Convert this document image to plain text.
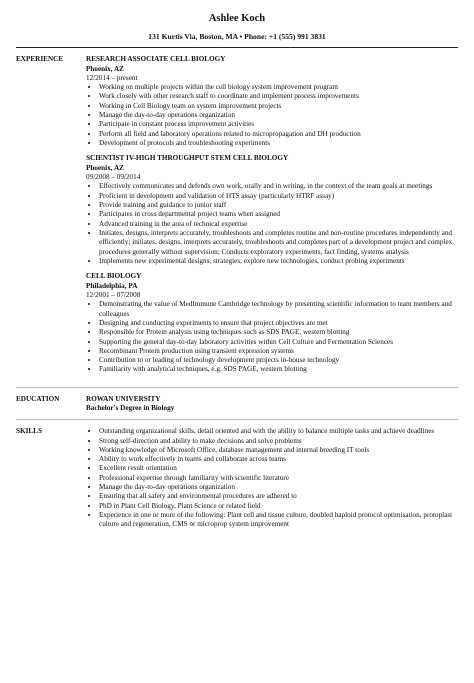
Ashlee Koch
131 Kurtis Via, Boston, MA • Phone: +1 (555) 991 3831
EXPERIENCE	RESEARCH ASSOCIATE CELL BIOLOGY
Phoenix, AZ
12/2014 – present
• Working on multiple projects within the cell biology system improvement program
• Work closely with other research staff to coordinate and implement process improvements
• Working in Cell Biology team on system improvement projects
• Manage the day-to-day operations organization
• Participate in constant process improvement activities
• Perform all field and laboratory operations related to micropropagation and DH production
• Development of protocols and troubleshooting experiments
SCIENTIST IV-HIGH THROUGHPUT STEM CELL BIOLOGY
Phoenix, AZ
09/2008 – 09/2014
• Effectively communicates and defends own work, orally and in writing, in the context of the team goals at meetings
• Proficient in development and validation of HTS assay (particularly HTRF assay)
• Provide training and guidance to junior staff
• Participates in cross departmental project teams when assigned
• Advanced training in the area of technical expertise
• Initiates, designs, interprets accurately, troubleshoots and completes routine and non-routine procedures independently and efficiently; initiates, designs, interprets accurately, troubleshoots and completes part of a development project and complex procedures generally without supervision; Conducts exploratory experiments, fact finding, systems analysis
• Implements new experimental designs, strategies, explore new technologies, conduct probing experiments
CELL BIOLOGY
Philadelphia, PA
12/2001 – 07/2008
• Demonstrating the value of MedImmune Cambridge technology by presenting scientific information to team members and colleagues
• Designing and conducting experiments to ensure that project objectives are met
• Responsible for Protein analysis using techniques such as SDS PAGE, western blotting
• Supporting the general day-to-day laboratory activities within Cell Culture and Fermentation Sciences
• Recombinant Protein production using transient expression systems
• Contribution to or leading of technology development projects in-house technology
• Familiarity with analytical techniques, e.g. SDS PAGE, western blotting
EDUCATION	ROWAN UNIVERSITY
Bachelor's Degree in Biology
SKILLS
•	Outstanding organizational skills, detail oriented and with the ability to balance multiple tasks and achieve deadlines
• Strong self-direction and ability to make decisions and solve problems
• Working knowledge of Microsoft Office, database management and internal breeding IT tools
• Ability to work effectively in teams and collaborate across teams
• Excellent result orientation
• Professional expertise through familiarity with scientific literature
• Manage the day-to-day operations organization
• Ensuring that all safety and environmental procedures are adhered to
• PhD in Plant Cell Biology, Plant Science or related field
• Experience in one or more of the following: Plant cell and tissue culture, doubled haploid protocol optimisation, protoplast culture and regeneration, CMS or microprop system improvement
